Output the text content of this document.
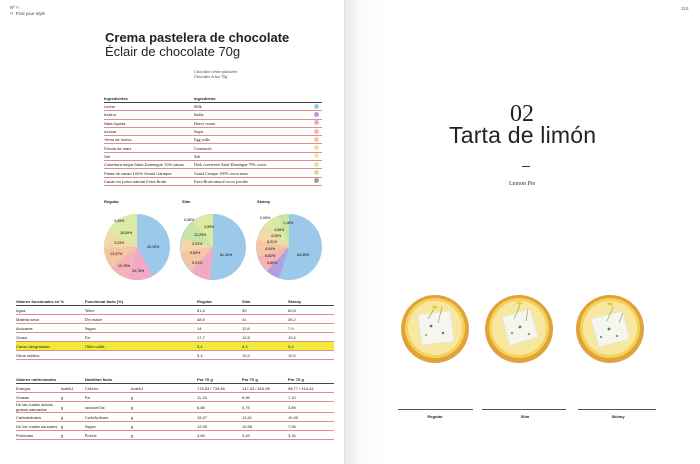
Nº R
R Find your style
Crema pastelera de chocolate
Éclair de chocolate 70g
Chocolate crème pâtissière
Chocolate éclair 70g
Ingredientes	Ingredients	
Leche	Milk	
Inulina	Inulin	
Nata líquida	Heavy cream	
Azúcar	Sugar	
Yema de huevo	Egg yolks	
Fécula de maíz	Cornstarch	
Sal	Salt	
Cobertura negra Saint-Domingue 70% cacao	Dark couverture Saint-Domingue 70% cocoa	
Pasta de cacao 100% Grand Caraque	Grand Caraque 100% cocoa mass	
Cacao en polvo natural Extra Brute	Extra Brute natural cocoa powder	
Regular	Slim	Skinny
0,05%
18,59%
3,23%
13,47%
10,76%
10,78%
43,10%
0,06%
3,99%
12,29%
3,91%
9,83%
9,21%
61,43%
0,06%
1,16%
4,65%
4,29%
8,01%
4,04%
8,82%
5,60%
64,35%
Valores funcionales en %	Functional facts (%)	Regular	Slim	Skinny
Agua	Water	51,5	59	60,8
Materia seca	Dry matter	48,5	41	39,2
Azúcares	Sugars	14	12,6	7,9
Grasa	Fat	17,7	12,8	10,4
Cacao desgrasado	Other solids	5,4	5,4	5,4
Otros sólidos		9,4	10,2	10,5
Valores nutricionales		Nutrition facts		Por 70 g	Por 70 g	Por 70 g
Energía	kcal/kJ	Calories	kcal/kJ	176,83 / 739,86	147,43 / 616,85	98,77 / 416,44
Grasas	g	Fat	g	11,18	8,96	7,10
De las cuales ácidos grasos saturados	g	saturated fat	g	6,88	4,75	3,89
Carbohidratos	g	Carbohydrates	g	15,37	13,41	10,40
De los cuales azúcares	g	Sugars	g	12,95	10,98	7,95
Proteínas	g	Protein	g	3,69	3,49	3,34
315
02
Tarta de limón
Lemon Pie
Regular	Slim	Skinny
